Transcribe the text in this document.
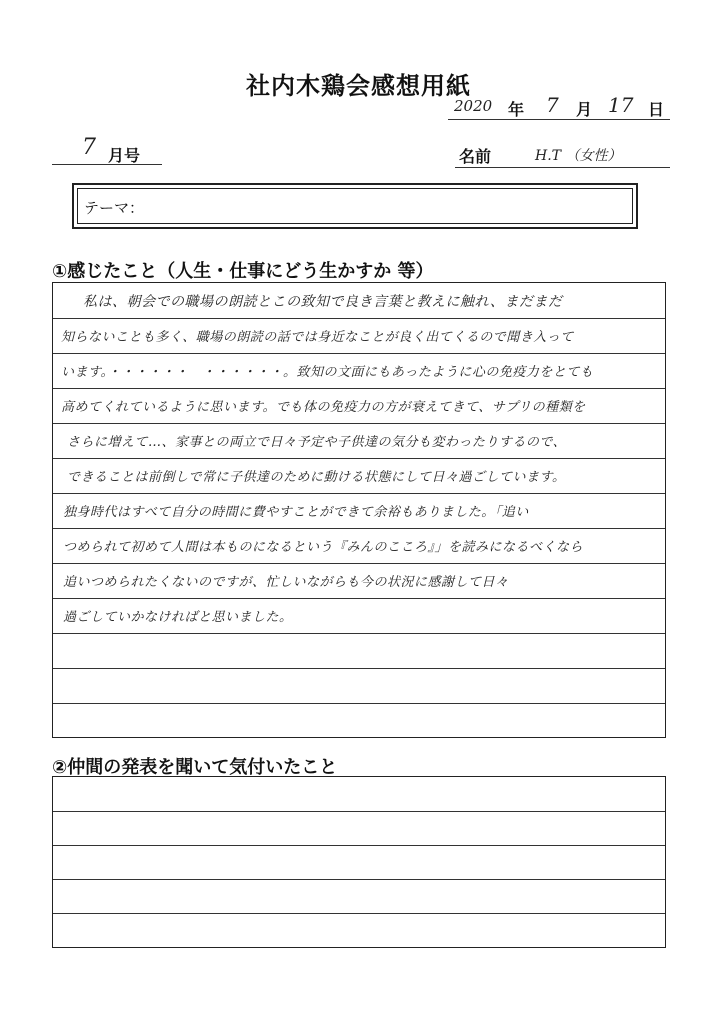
社内木鶏会感想用紙
2020 年 7 月 17 日
7 月号	名前	H.T （女性）
テーマ：
①感じたこと（人生・仕事にどう生かすか 等）
私は、朝会での職場の朗読とこの致知で良き言葉と教えに触れ、まだまだ
知らないことも多く、職場の朗読の話では身近なことが良く出てくるので聞き入って
います。・・・・・・　・・・・・・。致知の文面にもあったように心の免疫力をとても
高めてくれているように思います。でも体の免疫力の方が衰えてきて、サプリの種類を
さらに増えて…、家事との両立で日々予定や子供達の気分も変わったりするので、
できることは前倒しで常に子供達のために動ける状態にして日々過ごしています。
独身時代はすべて自分の時間に費やすことができて余裕もありました。「追い
つめられて初めて人間は本ものになるという『みんのこころ』」を読みになるべくなら
追いつめられたくないのですが、忙しいながらも今の状況に感謝して日々
過ごしていかなければと思いました。
②仲間の発表を聞いて気付いたこと
